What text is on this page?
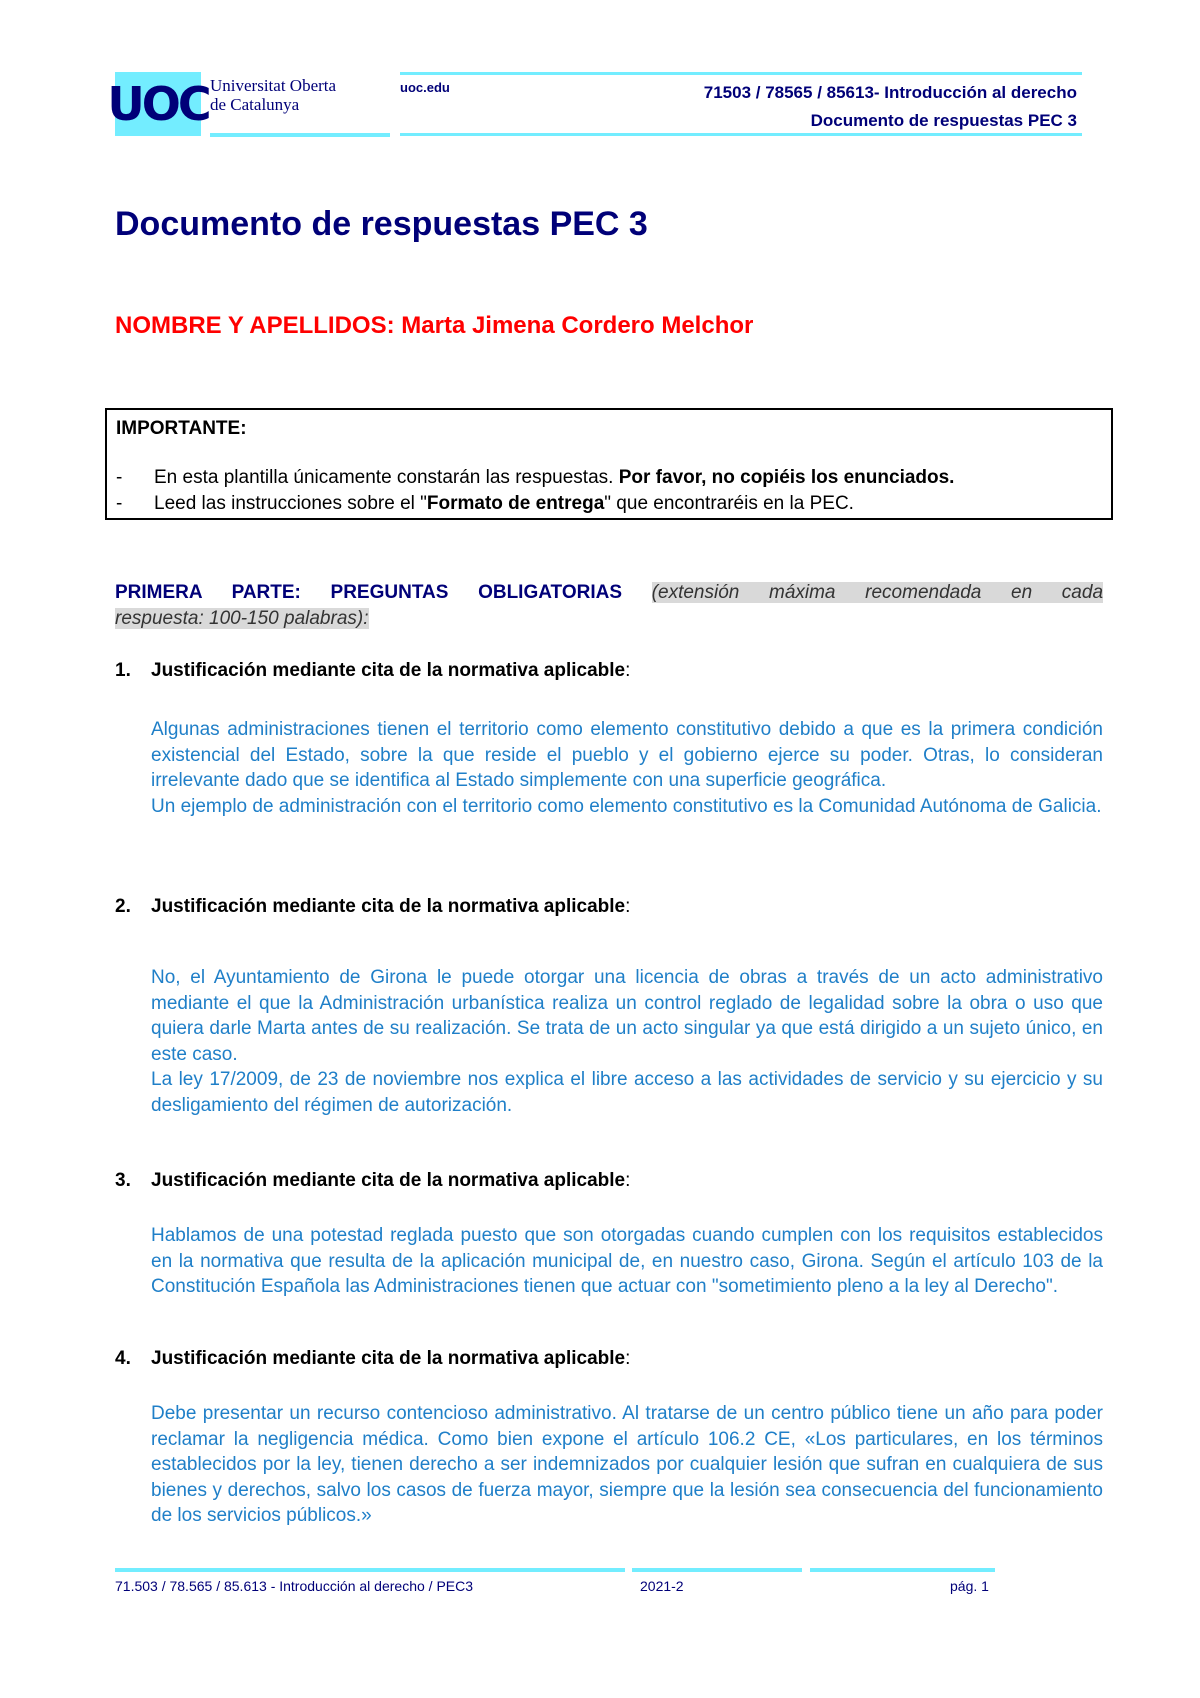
UOC Universitat Oberta
de Catalunya
uoc.edu	71503 / 78565 / 85613- Introducción al derecho
Documento de respuestas PEC 3
Documento de respuestas PEC 3
NOMBRE Y APELLIDOS: Marta Jimena Cordero Melchor
IMPORTANTE:
- En esta plantilla únicamente constarán las respuestas. Por favor, no copiéis los enunciados.
- Leed las instrucciones sobre el "Formato de entrega" que encontraréis en la PEC.
PRIMERA PARTE: PREGUNTAS OBLIGATORIAS (extensión máxima recomendada en cada
respuesta: 100-150 palabras):
1. Justificación mediante cita de la normativa aplicable:

Algunas administraciones tienen el territorio como elemento constitutivo debido a que es la primera condición existencial del Estado, sobre la que reside el pueblo y el gobierno ejerce su poder. Otras, lo consideran irrelevante dado que se identifica al Estado simplemente con una superficie geográfica.

Un ejemplo de administración con el territorio como elemento constitutivo es la Comunidad Autónoma de Galicia.

2. Justificación mediante cita de la normativa aplicable:

No, el Ayuntamiento de Girona le puede otorgar una licencia de obras a través de un acto administrativo mediante el que la Administración urbanística realiza un control reglado de legalidad sobre la obra o uso que quiera darle Marta antes de su realización. Se trata de un acto singular ya que está dirigido a un sujeto único, en este caso.

La ley 17/2009, de 23 de noviembre nos explica el libre acceso a las actividades de servicio y su ejercicio y su desligamiento del régimen de autorización.

3. Justificación mediante cita de la normativa aplicable:

Hablamos de una potestad reglada puesto que son otorgadas cuando cumplen con los requisitos establecidos en la normativa que resulta de la aplicación municipal de, en nuestro caso, Girona. Según el artículo 103 de la Constitución Española las Administraciones tienen que actuar con "sometimiento pleno a la ley al Derecho".

4. Justificación mediante cita de la normativa aplicable:

Debe presentar un recurso contencioso administrativo. Al tratarse de un centro público tiene un año para poder reclamar la negligencia médica. Como bien expone el artículo 106.2 CE, «Los particulares, en los términos establecidos por la ley, tienen derecho a ser indemnizados por cualquier lesión que sufran en cualquiera de sus bienes y derechos, salvo los casos de fuerza mayor, siempre que la lesión sea consecuencia del funcionamiento de los servicios públicos.»

71.503 / 78.565 / 85.613 - Introducción al derecho / PEC3	2021-2	pág. 1
